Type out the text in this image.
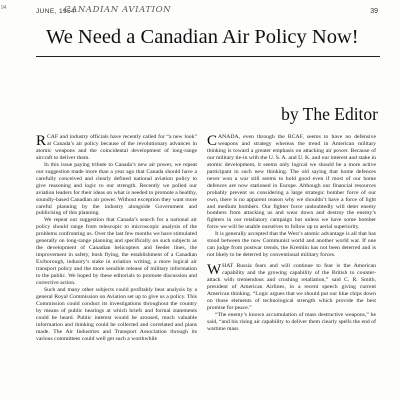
94	JUNE, 1954
CANADIAN AVIATION	39
We Need a Canadian Air Policy Now!
by The Editor

RCAF and industry officials have recently called for “a new look” at Canada’s air policy because of the revolutionary advances in atomic weapons and the coincidental development of long-range aircraft to deliver them.

In this issue paying tribute to Canada’s new air power, we repeat our suggestion made more than a year ago that Canada should have a carefully conceived and clearly defined national aviation policy to give reasoning and logic to our strength. Recently we polled our aviation leaders for their ideas on what is needed to promote a healthy, soundly-based Canadian air power. Without exception they want more careful planning by the industry alongside Government and publicising of this planning.

We repeat our suggestion that Canada’s search for a national air policy should range from telescopic to microscopic analysis of the problems confronting us. Over the last few months we have stimulated generally on long-range planning and specifically on such subjects as the development of Canadian helicopters and feeder lines, the improvement in safety, bush flying, the establishment of a Canadian Exrborough, industry’s stake in aviation writing, a more logical air transport policy and the more sensible release of military information to the public. We hoped by these editorials to promote discussion and corrective action.

Such and many other subjects could profitably bear analysis by a general Royal Commission on Aviation set up to give us a policy. This Commission could conduct its investigations throughout the country by means of public hearings at which briefs and formal statements could be heard. Public interest would be aroused, much valuable information and thinking could be collected and correlated and plans made. The Air Industries and Transport Association through its various committees could well get such a worthwhile

CANADA, even through the RCAF, seems to have no defensive weapons and strategy whereas the trend in American military thinking is toward a greater emphasis on attacking air power. Because of our military tie-in with the U. S. A. and U. K. and our interest and stake in atomic development, it seems only logical we should be a more active participant in such new thinking. The old saying that home defences never won a war still seems to hold good even if most of our home defences are now stationed in Europe. Although our financial resources probably prevent us considering a large strategic bomber force of our own, there is no apparent reason why we shouldn’t have a force of light and medium bombers. Our fighter force undoubtedly will deter enemy bombers from attacking us and wear down and destroy the enemy’s fighters in our retaliatory campaign but unless we have some bomber force we will be unable ourselves to follow up to aerial superiority.

It is generally accepted that the West’s atomic advantage is all that has stood between the now Communist world and another world war. If one can judge from postwar trends, the Kremlin has not been deterred and is not likely to be deterred by conventional military forces.

WHAT Russia fears and will continue to fear is the American capability and the growing capability of the British to counter-attack with tremendous and crushing retaliation,” said C. R. Smith, president of American Airlines, in a recent speech giving current American thinking. “Logic argues that we should put our blue chips down on those elements of technological strength which provide the best promise for peace.”

“The enemy’s known accumulation of mass destructive weapons,” he said, “and his rising air capability to deliver them clearly spells the end of wartime mass
